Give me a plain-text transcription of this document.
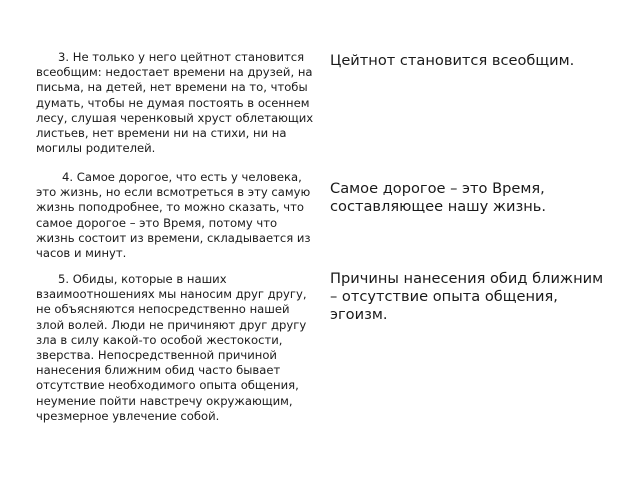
3. Не только у него цейтнот становится всеобщим: недостает времени на друзей, на письма, на детей, нет времени на то, чтобы думать, чтобы не думая постоять в осеннем лесу, слушая черенковый хруст облетающих листьев, нет времени ни на стихи, ни на могилы родителей.

4. Самое дорогое, что есть у человека, это жизнь, но если всмотреться в эту самую жизнь поподробнее, то можно сказать, что самое дорогое – это Время, потому что жизнь состоит из времени, складывается из часов и минут.

5. Обиды, которые в наших взаимоотношениях мы наносим друг другу, не объясняются непосредственно нашей злой волей. Люди не причиняют друг другу зла в силу какой-то особой жестокости, зверства. Непосредственной причиной нанесения ближним обид часто бывает отсутствие необходимого опыта общения, неумение пойти навстречу окружающим, чрезмерное увлечение собой.

Цейтнот становится всеобщим.

Самое дорогое – это Время, составляющее нашу жизнь.

Причины нанесения обид ближним – отсутствие опыта общения, эгоизм.
